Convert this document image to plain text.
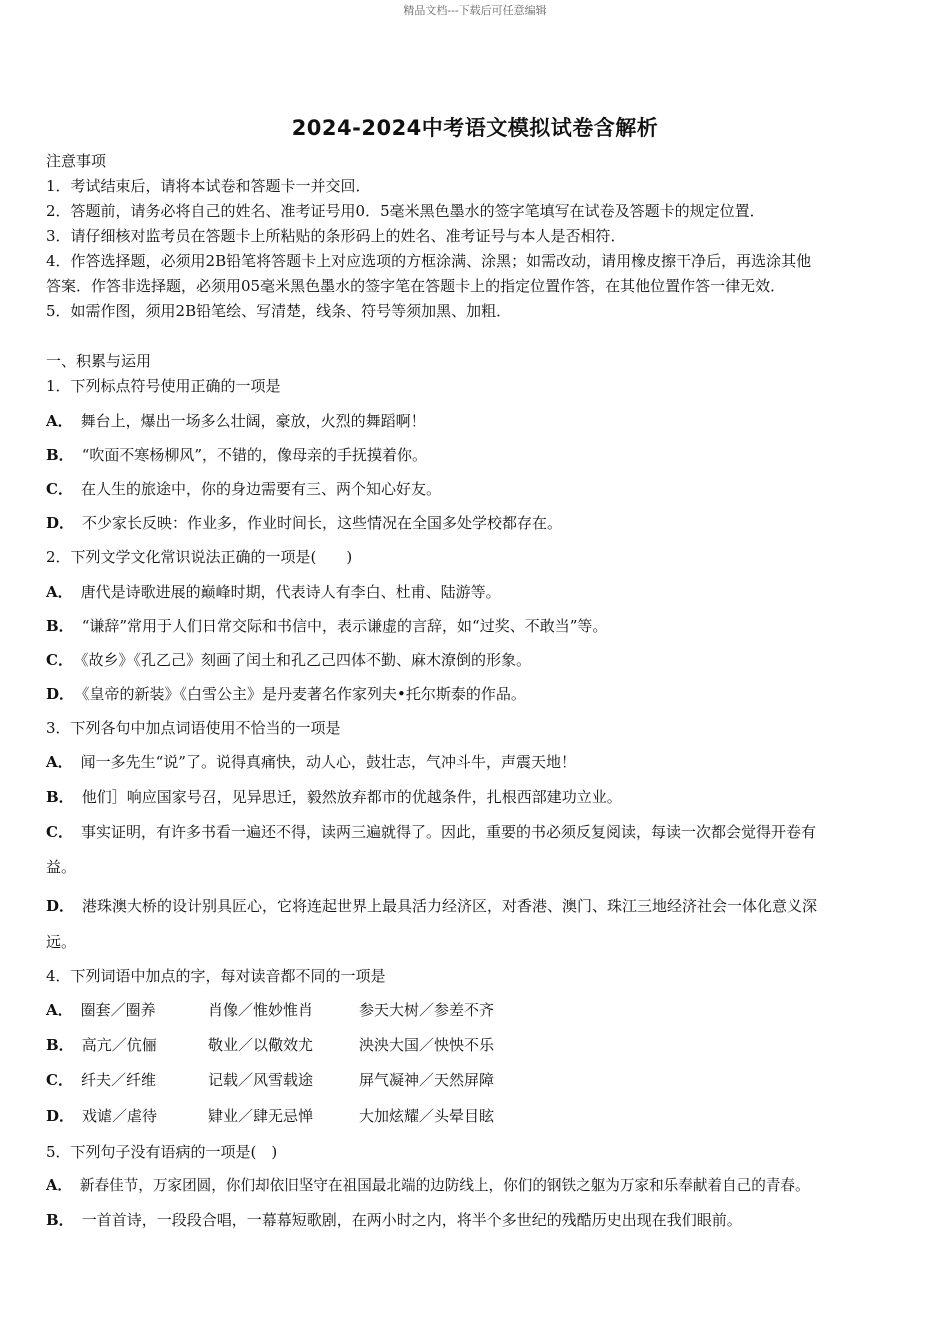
精品文档---下载后可任意编辑
2024-2024中考语文模拟试卷含解析
注意事项
1．考试结束后，请将本试卷和答题卡一并交回．
2．答题前，请务必将自己的姓名、准考证号用0．5毫米黑色墨水的签字笔填写在试卷及答题卡的规定位置．
3．请仔细核对监考员在答题卡上所粘贴的条形码上的姓名、准考证号与本人是否相符．
4．作答选择题，必须用2B铅笔将答题卡上对应选项的方框涂满、涂黑；如需改动，请用橡皮擦干净后，再选涂其他
答案．作答非选择题，必须用05毫米黑色墨水的签字笔在答题卡上的指定位置作答，在其他位置作答一律无效．
5．如需作图，须用2B铅笔绘、写清楚，线条、符号等须加黑、加粗．
一、积累与运用
1．下列标点符号使用正确的一项是
A． 舞台上，爆出一场多么壮阔，豪放，火烈的舞蹈啊！
B． “吹面不寒杨柳风”，不错的，像母亲的手抚摸着你。
C． 在人生的旅途中，你的身边需要有三、两个知心好友。
D． 不少家长反映：作业多，作业时间长，这些情况在全国多处学校都存在。
2．下列文学文化常识说法正确的一项是(　　)
A． 唐代是诗歌进展的巅峰时期，代表诗人有李白、杜甫、陆游等。
B． “谦辞”常用于人们日常交际和书信中，表示谦虚的言辞，如“过奖、不敢当”等。
C． 《故乡》《孔乙己》刻画了闰土和孔乙己四体不勤、麻木潦倒的形象。
D． 《皇帝的新装》《白雪公主》是丹麦著名作家列夫•托尔斯泰的作品。
3．下列各句中加点词语使用不恰当的一项是
A． 闻一多先生“说”了。说得真痛快，动人心，鼓壮志，气冲斗牛，声震天地！
B． 他们］响应国家号召，见异思迁，毅然放弃都市的优越条件，扎根西部建功立业。
C． 事实证明，有许多书看一遍还不得，读两三遍就得了。因此，重要的书必须反复阅读，每读一次都会觉得开卷有
益。
D． 港珠澳大桥的设计别具匠心，它将连起世界上最具活力经济区，对香港、澳门、珠江三地经济社会一体化意义深
远。
4．下列词语中加点的字，每对读音都不同的一项是
A． 圈套／圈养	肖像／惟妙惟肖	参天大树／参差不齐
B． 高亢／伉俪	敬业／以儆效尤	泱泱大国／怏怏不乐
C． 纤夫／纤维	记载／风雪载途	屏气凝神／天然屏障
D． 戏谑／虐待	肄业／肆无忌惮	大加炫耀／头晕目眩
5．下列句子没有语病的一项是(　)
A． 新春佳节，万家团圆，你们却依旧坚守在祖国最北端的边防线上，你们的钢铁之躯为万家和乐奉献着自己的青春。
B． 一首首诗，一段段合唱，一幕幕短歌剧，在两小时之内，将半个多世纪的残酷历史出现在我们眼前。
